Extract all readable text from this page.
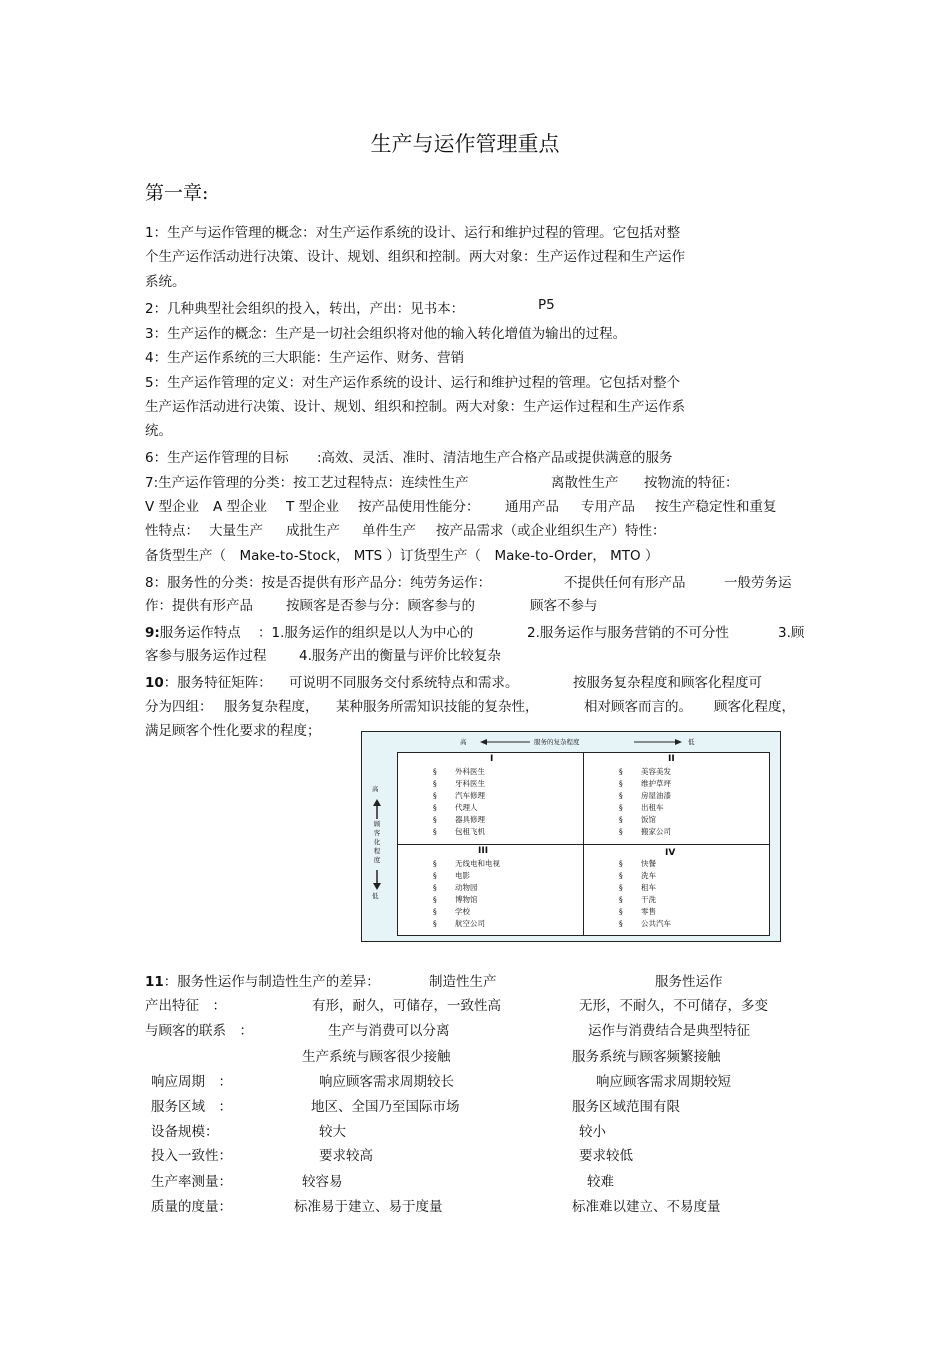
生产与运作管理重点
第一章:
1：生产与运作管理的概念：对生产运作系统的设计、运行和维护过程的管理。它包括对整
个生产运作活动进行决策、设计、规划、组织和控制。两大对象：生产运作过程和生产运作
系统。
2：几种典型社会组织的投入，转出，产出：见书本：	P5
3：生产运作的概念：生产是一切社会组织将对他的输入转化增值为输出的过程。
4：生产运作系统的三大职能：生产运作、财务、营销
5：生产运作管理的定义：对生产运作系统的设计、运行和维护过程的管理。它包括对整个
生产运作活动进行决策、设计、规划、组织和控制。两大对象：生产运作过程和生产运作系
统。
6：生产运作管理的目标 :高效、灵活、准时、清洁地生产合格产品或提供满意的服务
7:生产运作管理的分类：按工艺过程特点：连续性生产	离散性生产 按物流的特征：
V 型企业 A 型企业 T 型企业 按产品使用性能分： 通用产品 专用产品 按生产稳定性和重复
性特点： 大量生产 成批生产 单件生产 按产品需求（或企业组织生产）特性：
备货型生产（　Make-to-Stock， MTS ）订货型生产（　Make-to-Order， MTO ）
8：服务性的分类：按是否提供有形产品分：纯劳务运作：	不提供任何有形产品	一般劳务运
作：提供有形产品 按顾客是否参与分：顾客参与的	顾客不参与
9:服务运作特点 ：1.服务运作的组织是以人为中心的	2.服务运作与服务营销的不可分性	3.顾
客参与服务运作过程 4.服务产出的衡量与评价比较复杂
10：服务特征矩阵： 可说明不同服务交付系统特点和需求。	按服务复杂程度和顾客化程度可
分为四组： 服务复杂程度， 某种服务所需知识技能的复杂性，	相对顾客而言的。 顾客化程度，
满足顾客个性化要求的程度；
高	服务的复杂程度	低
高
顾客化程度
低
I
§ 外科医生
§ 牙科医生
§ 汽车修理
§ 代理人
§ 器具修理
§ 包租飞机
II
§ 美容美发
§ 维护草坪
§ 房屋油漆
§ 出租车
§ 饭馆
§ 搬家公司
III
§ 无线电和电视
§ 电影
§ 动物园
§ 博物馆
§ 学校
§ 航空公司
IV
§ 快餐
§ 洗车
§ 租车
§ 干洗
§ 零售
§ 公共汽车
11：服务性运作与制造性生产的差异：	制造性生产	服务性运作
产出特征　：	有形，耐久，可储存，一致性高	无形，不耐久，不可储存，多变
与顾客的联系　：	生产与消费可以分离	运作与消费结合是典型特征
生产系统与顾客很少接触	服务系统与顾客频繁接触
响应周期　：	响应顾客需求周期较长	响应顾客需求周期较短
服务区域　：	地区、全国乃至国际市场	服务区域范围有限
设备规模：	较大	较小
投入一致性：	要求较高	要求较低
生产率测量：	较容易	较难
质量的度量：	标准易于建立、易于度量	标准难以建立、不易度量
